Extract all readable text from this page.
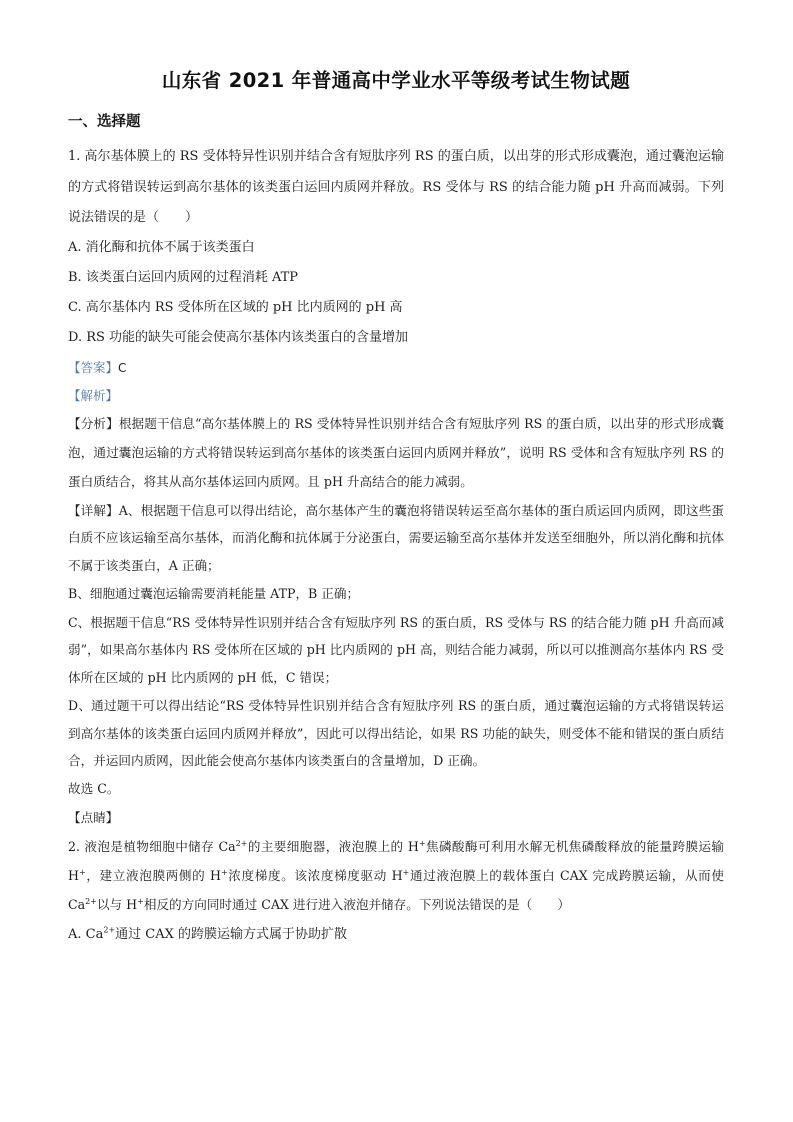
山东省 2021 年普通高中学业水平等级考试生物试题
一、选择题

1. 高尔基体膜上的 RS 受体特异性识别并结合含有短肽序列 RS 的蛋白质，以出芽的形式形成囊泡，通过囊泡运输的方式将错误转运到高尔基体的该类蛋白运回内质网并释放。RS 受体与 RS 的结合能力随 pH 升高而减弱。下列说法错误的是（　　）

A. 消化酶和抗体不属于该类蛋白

B. 该类蛋白运回内质网的过程消耗 ATP

C. 高尔基体内 RS 受体所在区域的 pH 比内质网的 pH 高

D. RS 功能的缺失可能会使高尔基体内该类蛋白的含量增加

【答案】C

【解析】

【分析】根据题干信息“高尔基体膜上的 RS 受体特异性识别并结合含有短肽序列 RS 的蛋白质，以出芽的形式形成囊泡，通过囊泡运输的方式将错误转运到高尔基体的该类蛋白运回内质网并释放”，说明 RS 受体和含有短肽序列 RS 的蛋白质结合，将其从高尔基体运回内质网。且 pH 升高结合的能力减弱。

【详解】A、根据题干信息可以得出结论，高尔基体产生的囊泡将错误转运至高尔基体的蛋白质运回内质网，即这些蛋白质不应该运输至高尔基体，而消化酶和抗体属于分泌蛋白，需要运输至高尔基体并发送至细胞外，所以消化酶和抗体不属于该类蛋白，A 正确；

B、细胞通过囊泡运输需要消耗能量 ATP，B 正确；

C、根据题干信息“RS 受体特异性识别并结合含有短肽序列 RS 的蛋白质，RS 受体与 RS 的结合能力随 pH 升高而减弱”，如果高尔基体内 RS 受体所在区域的 pH 比内质网的 pH 高，则结合能力减弱，所以可以推测高尔基体内 RS 受体所在区域的 pH 比内质网的 pH 低，C 错误；

D、通过题干可以得出结论“RS 受体特异性识别并结合含有短肽序列 RS 的蛋白质，通过囊泡运输的方式将错误转运到高尔基体的该类蛋白运回内质网并释放”，因此可以得出结论，如果 RS 功能的缺失，则受体不能和错误的蛋白质结合，并运回内质网，因此能会使高尔基体内该类蛋白的含量增加，D 正确。

故选 C。

【点睛】

2. 液泡是植物细胞中储存 $Ca^{2+}$的主要细胞器，液泡膜上的 H+焦磷酸酶可利用水解无机焦磷酸释放的能量跨膜运输 H+，建立液泡膜两侧的 H+浓度梯度。该浓度梯度驱动 H+通过液泡膜上的载体蛋白 CAX 完成跨膜运输，从而使 $Ca^{2+}$以与 H+相反的方向同时通过 CAX 进行进入液泡并储存。下列说法错误的是（　　）

A. $Ca^{2+}$通过 CAX 的跨膜运输方式属于协助扩散
